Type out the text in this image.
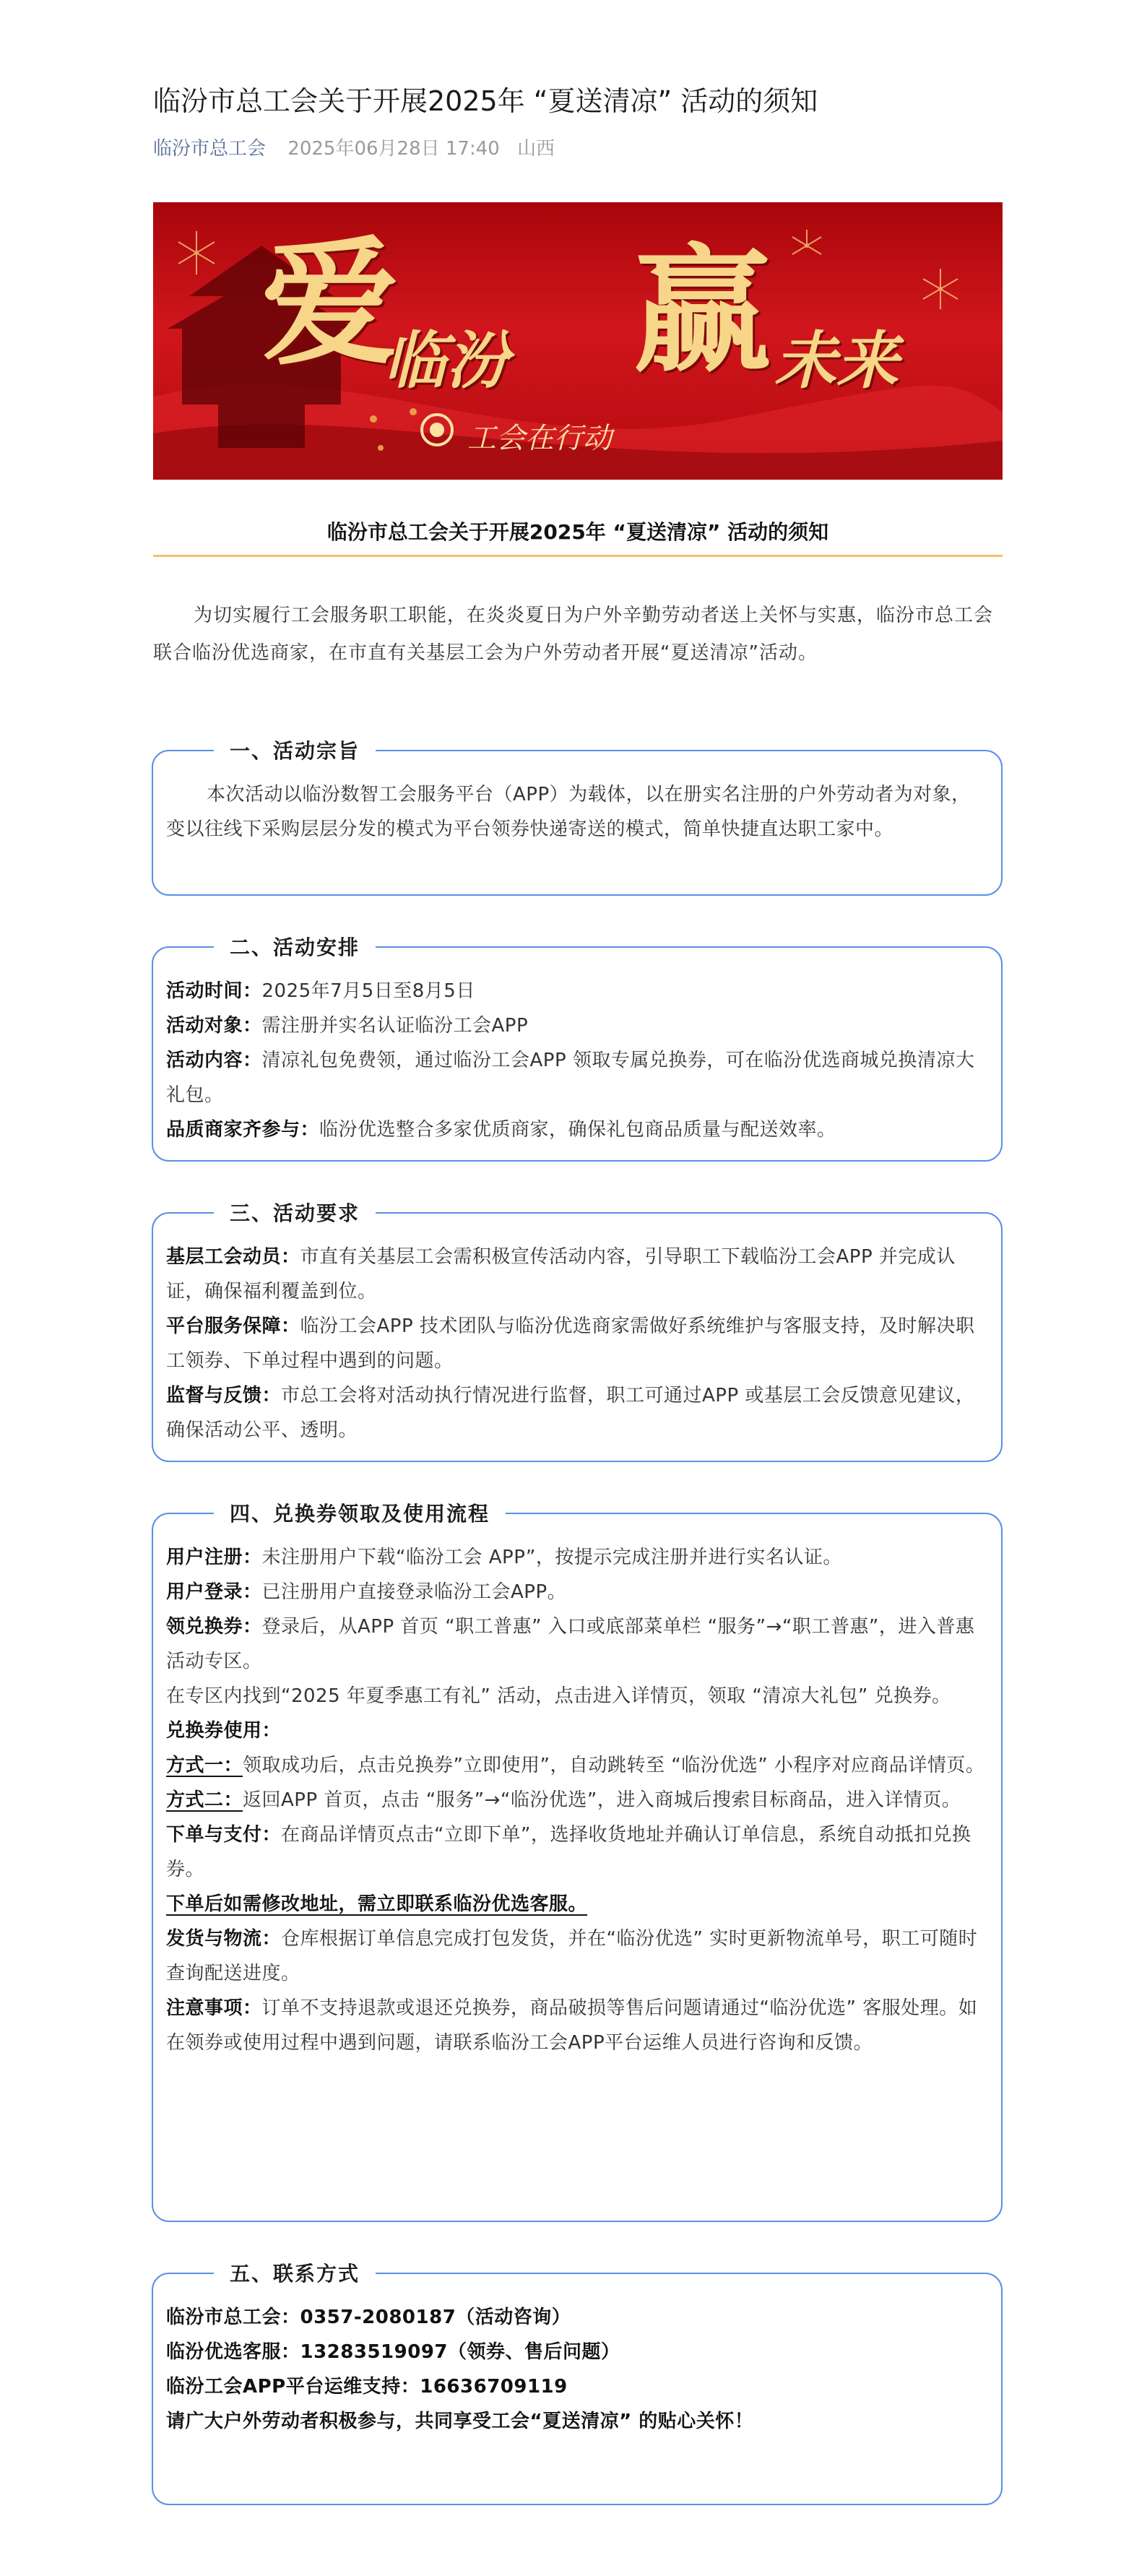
临汾市总工会关于开展2025年 “夏送清凉” 活动的须知
临汾市总工会 2025年06月28日 17:40 山西
爱
临汾 赢 未来
工会在行动
临汾市总工会关于开展2025年 “夏送清凉” 活动的须知

为切实履行工会服务职工职能，在炎炎夏日为户外辛勤劳动者送上关怀与实惠，临汾市总工会联合临汾优选商家，在市直有关基层工会为户外劳动者开展“夏送清凉”活动。

一、活动宗旨

本次活动以临汾数智工会服务平台（APP）为载体，以在册实名注册的户外劳动者为对象，变以往线下采购层层分发的模式为平台领券快递寄送的模式，简单快捷直达职工家中。

二、活动安排

活动时间：2025年7月5日至8月5日

活动对象：需注册并实名认证临汾工会APP

活动内容：清凉礼包免费领，通过临汾工会APP 领取专属兑换券，可在临汾优选商城兑换清凉大礼包。

品质商家齐参与：临汾优选整合多家优质商家，确保礼包商品质量与配送效率。

三、活动要求

基层工会动员：市直有关基层工会需积极宣传活动内容，引导职工下载临汾工会APP 并完成认证，确保福利覆盖到位。

平台服务保障：临汾工会APP 技术团队与临汾优选商家需做好系统维护与客服支持，及时解决职工领券、下单过程中遇到的问题。

监督与反馈：市总工会将对活动执行情况进行监督，职工可通过APP 或基层工会反馈意见建议，确保活动公平、透明。

四、兑换券领取及使用流程

用户注册：未注册用户下载“临汾工会 APP”，按提示完成注册并进行实名认证。

用户登录：已注册用户直接登录临汾工会APP。

领兑换券：登录后，从APP 首页 “职工普惠” 入口或底部菜单栏 “服务”→“职工普惠”，进入普惠活动专区。

在专区内找到“2025 年夏季惠工有礼” 活动，点击进入详情页，领取 “清凉大礼包” 兑换券。

兑换券使用：

方式一：领取成功后，点击兑换券”立即使用”，自动跳转至 “临汾优选” 小程序对应商品详情页。

方式二：返回APP 首页，点击 “服务”→“临汾优选”，进入商城后搜索目标商品，进入详情页。

下单与支付：在商品详情页点击“立即下单”，选择收货地址并确认订单信息，系统自动抵扣兑换券。

下单后如需修改地址，需立即联系临汾优选客服。

发货与物流：仓库根据订单信息完成打包发货，并在“临汾优选” 实时更新物流单号，职工可随时查询配送进度。

注意事项：订单不支持退款或退还兑换券，商品破损等售后问题请通过“临汾优选” 客服处理。如在领券或使用过程中遇到问题，请联系临汾工会APP平台运维人员进行咨询和反馈。

五、联系方式

临汾市总工会：0357-2080187（活动咨询）

临汾优选客服：13283519097（领券、售后问题）

临汾工会APP平台运维支持：16636709119

请广大户外劳动者积极参与，共同享受工会“夏送清凉” 的贴心关怀！
